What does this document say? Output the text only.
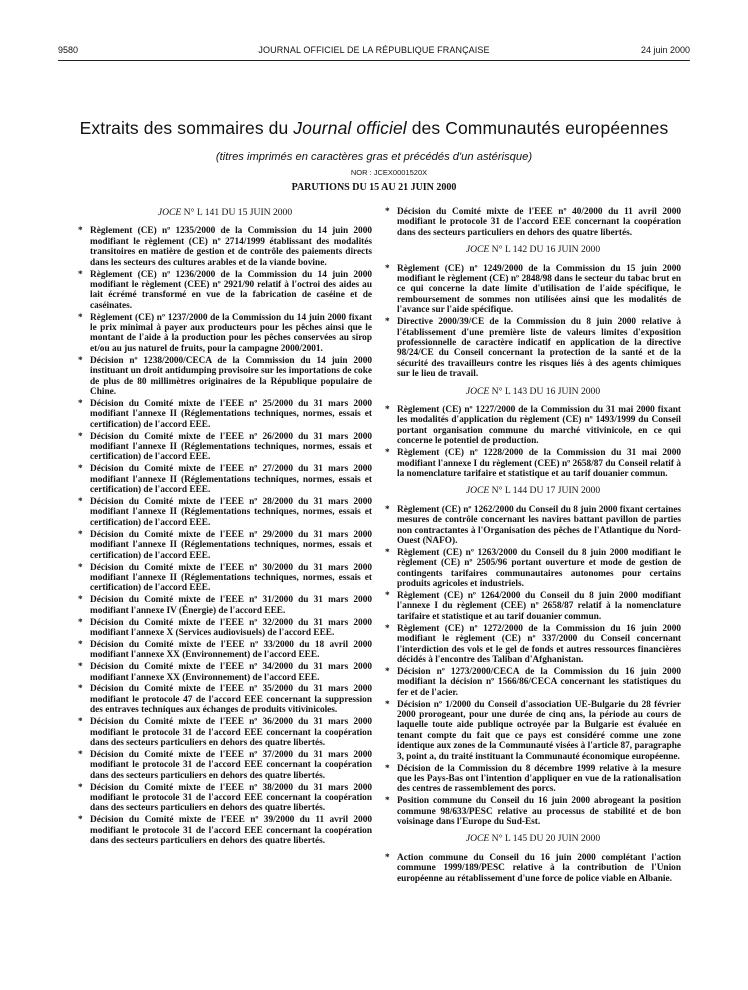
9580	JOURNAL OFFICIEL DE LA RÉPUBLIQUE FRANÇAISE	24 juin 2000
Extraits des sommaires du Journal officiel des Communautés européennes
(titres imprimés en caractères gras et précédés d'un astérisque)
NOR : JCEX0001520X
PARUTIONS DU 15 AU 21 JUIN 2000
JOCE N° L 141 DU 15 JUIN 2000
* Règlement (CE) nº 1235/2000 de la Commission du 14 juin 2000 modifiant le règlement (CE) nº 2714/1999 établissant des modalités transitoires en matière de gestion et de contrôle des paiements directs dans les secteurs des cultures arables et de la viande bovine.
* Règlement (CE) nº 1236/2000 de la Commission du 14 juin 2000 modifiant le règlement (CEE) nº 2921/90 relatif à l'octroi des aides au lait écrémé transformé en vue de la fabrication de caséine et de caséinates.
* Règlement (CE) nº 1237/2000 de la Commission du 14 juin 2000 fixant le prix minimal à payer aux producteurs pour les pêches ainsi que le montant de l'aide à la production pour les pêches conservées au sirop et/ou au jus naturel de fruits, pour la campagne 2000/2001.
* Décision nº 1238/2000/CECA de la Commission du 14 juin 2000 instituant un droit antidumping provisoire sur les importations de coke de plus de 80 millimètres originaires de la République populaire de Chine.
* Décision du Comité mixte de l'EEE nº 25/2000 du 31 mars 2000 modifiant l'annexe II (Réglementations techniques, normes, essais et certification) de l'accord EEE.
* Décision du Comité mixte de l'EEE nº 26/2000 du 31 mars 2000 modifiant l'annexe II (Réglementations techniques, normes, essais et certification) de l'accord EEE.
* Décision du Comité mixte de l'EEE nº 27/2000 du 31 mars 2000 modifiant l'annexe II (Réglementations techniques, normes, essais et certification) de l'accord EEE.
* Décision du Comité mixte de l'EEE nº 28/2000 du 31 mars 2000 modifiant l'annexe II (Réglementations techniques, normes, essais et certification) de l'accord EEE.
* Décision du Comité mixte de l'EEE nº 29/2000 du 31 mars 2000 modifiant l'annexe II (Réglementations techniques, normes, essais et certification) de l'accord EEE.
* Décision du Comité mixte de l'EEE nº 30/2000 du 31 mars 2000 modifiant l'annexe II (Réglementations techniques, normes, essais et certification) de l'accord EEE.
* Décision du Comité mixte de l'EEE nº 31/2000 du 31 mars 2000 modifiant l'annexe IV (Énergie) de l'accord EEE.
* Décision du Comité mixte de l'EEE nº 32/2000 du 31 mars 2000 modifiant l'annexe X (Services audiovisuels) de l'accord EEE.
* Décision du Comité mixte de l'EEE nº 33/2000 du 18 avril 2000 modifiant l'annexe XX (Environnement) de l'accord EEE.
* Décision du Comité mixte de l'EEE nº 34/2000 du 31 mars 2000 modifiant l'annexe XX (Environnement) de l'accord EEE.
* Décision du Comité mixte de l'EEE nº 35/2000 du 31 mars 2000 modifiant le protocole 47 de l'accord EEE concernant la suppression des entraves techniques aux échanges de produits vitivinicoles.
* Décision du Comité mixte de l'EEE nº 36/2000 du 31 mars 2000 modifiant le protocole 31 de l'accord EEE concernant la coopération dans des secteurs particuliers en dehors des quatre libertés.
* Décision du Comité mixte de l'EEE nº 37/2000 du 31 mars 2000 modifiant le protocole 31 de l'accord EEE concernant la coopération dans des secteurs particuliers en dehors des quatre libertés.
* Décision du Comité mixte de l'EEE nº 38/2000 du 31 mars 2000 modifiant le protocole 31 de l'accord EEE concernant la coopération dans des secteurs particuliers en dehors des quatre libertés.
* Décision du Comité mixte de l'EEE nº 39/2000 du 11 avril 2000 modifiant le protocole 31 de l'accord EEE concernant la coopération dans des secteurs particuliers en dehors des quatre libertés.
* Décision du Comité mixte de l'EEE nº 40/2000 du 11 avril 2000 modifiant le protocole 31 de l'accord EEE concernant la coopération dans des secteurs particuliers en dehors des quatre libertés.
JOCE N° L 142 DU 16 JUIN 2000
* Règlement (CE) nº 1249/2000 de la Commission du 15 juin 2000 modifiant le règlement (CE) nº 2848/98 dans le secteur du tabac brut en ce qui concerne la date limite d'utilisation de l'aide spécifique, le remboursement de sommes non utilisées ainsi que les modalités de l'avance sur l'aide spécifique.
* Directive 2000/39/CE de la Commission du 8 juin 2000 relative à l'établissement d'une première liste de valeurs limites d'exposition professionnelle de caractère indicatif en application de la directive 98/24/CE du Conseil concernant la protection de la santé et de la sécurité des travailleurs contre les risques liés à des agents chimiques sur le lieu de travail.
JOCE N° L 143 DU 16 JUIN 2000
* Règlement (CE) nº 1227/2000 de la Commission du 31 mai 2000 fixant les modalités d'application du règlement (CE) nº 1493/1999 du Conseil portant organisation commune du marché vitivinicole, en ce qui concerne le potentiel de production.
* Règlement (CE) nº 1228/2000 de la Commission du 31 mai 2000 modifiant l'annexe I du règlement (CEE) nº 2658/87 du Conseil relatif à la nomenclature tarifaire et statistique et au tarif douanier commun.
JOCE N° L 144 DU 17 JUIN 2000
* Règlement (CE) nº 1262/2000 du Conseil du 8 juin 2000 fixant certaines mesures de contrôle concernant les navires battant pavillon de parties non contractantes à l'Organisation des pêches de l'Atlantique du Nord-Ouest (NAFO).
* Règlement (CE) nº 1263/2000 du Conseil du 8 juin 2000 modifiant le règlement (CE) nº 2505/96 portant ouverture et mode de gestion de contingents tarifaires communautaires autonomes pour certains produits agricoles et industriels.
* Règlement (CE) nº 1264/2000 du Conseil du 8 juin 2000 modifiant l'annexe I du règlement (CEE) nº 2658/87 relatif à la nomenclature tarifaire et statistique et au tarif douanier commun.
* Règlement (CE) nº 1272/2000 de la Commission du 16 juin 2000 modifiant le règlement (CE) nº 337/2000 du Conseil concernant l'interdiction des vols et le gel de fonds et autres ressources financières décidés à l'encontre des Taliban d'Afghanistan.
* Décision nº 1273/2000/CECA de la Commission du 16 juin 2000 modifiant la décision nº 1566/86/CECA concernant les statistiques du fer et de l'acier.
* Décision nº 1/2000 du Conseil d'association UE-Bulgarie du 28 février 2000 prorogeant, pour une durée de cinq ans, la période au cours de laquelle toute aide publique octroyée par la Bulgarie est évaluée en tenant compte du fait que ce pays est considéré comme une zone identique aux zones de la Communauté visées à l'article 87, paragraphe 3, point a, du traité instituant la Communauté économique européenne.
* Décision de la Commission du 8 décembre 1999 relative à la mesure que les Pays-Bas ont l'intention d'appliquer en vue de la rationalisation des centres de rassemblement des porcs.
* Position commune du Conseil du 16 juin 2000 abrogeant la position commune 98/633/PESC relative au processus de stabilité et de bon voisinage dans l'Europe du Sud-Est.
JOCE N° L 145 DU 20 JUIN 2000
* Action commune du Conseil du 16 juin 2000 complétant l'action commune 1999/189/PESC relative à la contribution de l'Union européenne au rétablissement d'une force de police viable en Albanie.
